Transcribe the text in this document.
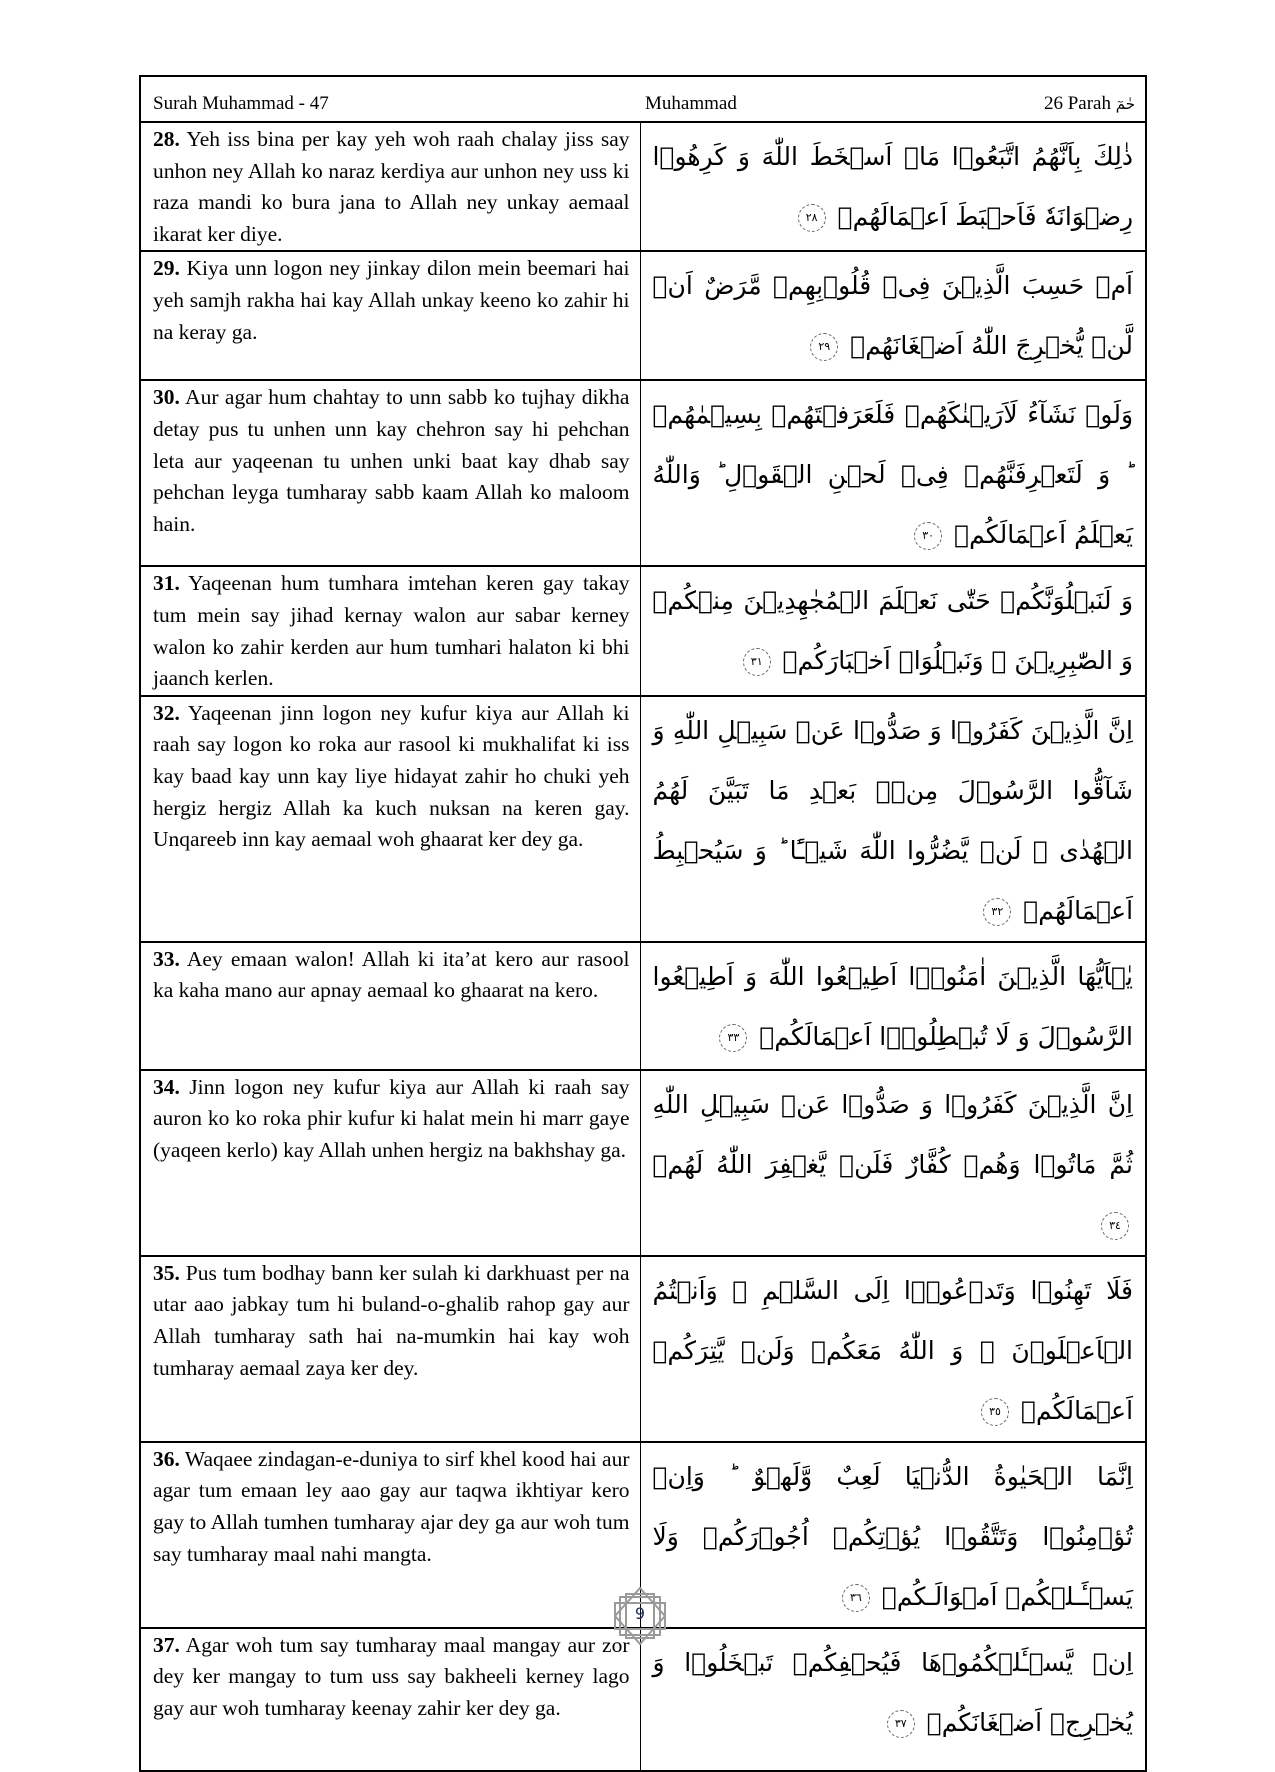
Surah Muhammad - 47 Muhammad 26 Parah حٰمٓ	

28. Yeh iss bina per kay yeh woh raah chalay jiss say unhon ney Allah ko naraz kerdiya aur unhon ney uss ki raza mandi ko bura jana to Allah ney unkay aemaal ikarat ker diye.	ذٰلِكَ بِاَنَّهُمُ اتَّبَعُوۡا مَاۤ اَسۡخَطَ اللّٰهَ وَ كَرِهُوۡا رِضۡوَانَهٗ فَاَحۡبَطَ اَعۡمَالَهُمۡ ٢٨

29. Kiya unn logon ney jinkay dilon mein beemari hai yeh samjh rakha hai kay Allah unkay keeno ko zahir hi na keray ga.	اَمۡ حَسِبَ الَّذِيۡنَ فِىۡ قُلُوۡبِهِمۡ مَّرَضٌ اَنۡ لَّنۡ يُّخۡرِجَ اللّٰهُ اَضۡغَانَهُمۡ ٢٩

30. Aur agar hum chahtay to unn sabb ko tujhay dikha detay pus tu unhen unn kay chehron say hi pehchan leta aur yaqeenan tu unhen unki baat kay dhab say pehchan leyga tumharay sabb kaam Allah ko maloom hain.	وَلَوۡ نَشَآءُ لَاَرَيۡنٰكَهُمۡ فَلَعَرَفۡتَهُمۡ بِسِيۡمٰهُمۡ ؕ وَ لَتَعۡرِفَنَّهُمۡ فِىۡ لَحۡنِ الۡقَوۡلِ ؕ وَاللّٰهُ يَعۡلَمُ اَعۡمَالَكُمۡ ٣٠

31. Yaqeenan hum tumhara imtehan keren gay takay tum mein say jihad kernay walon aur sabar kerney walon ko zahir kerden aur hum tumhari halaton ki bhi jaanch kerlen.	وَ لَنَبۡلُوَنَّكُمۡ حَتّٰى نَعۡلَمَ الۡمُجٰهِدِيۡنَ مِنۡكُمۡ وَ الصّٰبِرِيۡنَ ۙ وَنَبۡلُوَا۟ اَخۡبَارَكُمۡ ٣١

32. Yaqeenan jinn logon ney kufur kiya aur Allah ki raah say logon ko roka aur rasool ki mukhalifat ki iss kay baad kay unn kay liye hidayat zahir ho chuki yeh hergiz hergiz Allah ka kuch nuksan na keren gay. Unqareeb inn kay aemaal woh ghaarat ker dey ga.	اِنَّ الَّذِيۡنَ كَفَرُوۡا وَ صَدُّوۡا عَنۡ سَبِيۡلِ اللّٰهِ وَ شَآقُّوا الرَّسُوۡلَ مِنۡۢ بَعۡدِ مَا تَبَيَّنَ لَهُمُ الۡهُدٰى ۙ لَنۡ يَّضُرُّوا اللّٰهَ شَيۡـًٔا ؕ وَ سَيُحۡبِطُ اَعۡمَالَهُمۡ ٣٢

33. Aey emaan walon! Allah ki ita’at kero aur rasool ka kaha mano aur apnay aemaal ko ghaarat na kero.	يٰۤاَيُّهَا الَّذِيۡنَ اٰمَنُوۡۤا اَطِيۡعُوا اللّٰهَ وَ اَطِيۡعُوا الرَّسُوۡلَ وَ لَا تُبۡطِلُوۡۤا اَعۡمَالَكُمۡ ٣٣

34. Jinn logon ney kufur kiya aur Allah ki raah say auron ko ko roka phir kufur ki halat mein hi marr gaye (yaqeen kerlo) kay Allah unhen hergiz na bakhshay ga.	اِنَّ الَّذِيۡنَ كَفَرُوۡا وَ صَدُّوۡا عَنۡ سَبِيۡلِ اللّٰهِ ثُمَّ مَاتُوۡا وَهُمۡ كُفَّارٌ فَلَنۡ يَّغۡفِرَ اللّٰهُ لَهُمۡ ٣٤

35. Pus tum bodhay bann ker sulah ki darkhuast per na utar aao jabkay tum hi buland-o-ghalib rahop gay aur Allah tumharay sath hai na-mumkin hai kay woh tumharay aemaal zaya ker dey.	فَلَا تَهِنُوۡا وَتَدۡعُوۡۤا اِلَى السَّلۡمِ ۖ وَاَنۡتُمُ الۡاَعۡلَوۡنَ ۖ وَ اللّٰهُ مَعَكُمۡ وَلَنۡ يَّتِرَكُمۡ اَعۡمَالَكُمۡ ٣٥

36. Waqaee zindagan-e-duniya to sirf khel kood hai aur agar tum emaan ley aao gay aur taqwa ikhtiyar kero gay to Allah tumhen tumharay ajar dey ga aur woh tum say tumharay maal nahi mangta.	اِنَّمَا الۡحَيٰوةُ الدُّنۡيَا لَعِبٌ وَّلَهۡوٌ ؕ وَاِنۡ تُؤۡمِنُوۡا وَتَتَّقُوۡا يُؤۡتِكُمۡ اُجُوۡرَكُمۡ وَلَا يَسۡـَٔـلۡكُمۡ اَمۡوَالَـكُمۡ ٣٦

37. Agar woh tum say tumharay maal mangay aur zor dey ker mangay to tum uss say bakheeli kerney lago gay aur woh tumharay keenay zahir ker dey ga.	اِنۡ يَّسۡـَٔلۡكُمُوۡهَا فَيُحۡفِكُمۡ تَبۡخَلُوۡا وَ يُخۡرِجۡ اَضۡغَانَكُمۡ ٣٧
9
